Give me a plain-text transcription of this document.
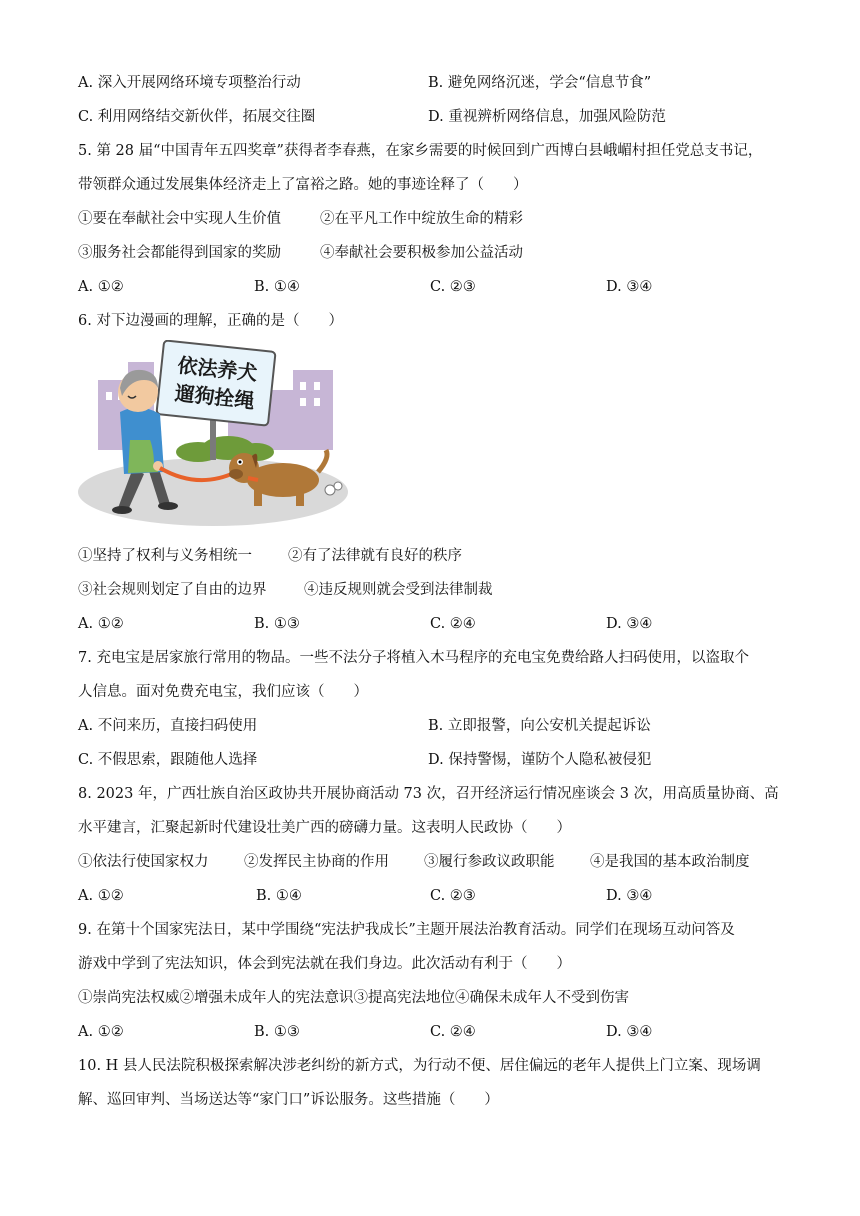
A. 深入开展网络环境专项整治行动	B. 避免网络沉迷，学会“信息节食”
C. 利用网络结交新伙伴，拓展交往圈	D. 重视辨析网络信息，加强风险防范
5. 第 28 届“中国青年五四奖章”获得者李春燕，在家乡需要的时候回到广西博白县峨嵋村担任党总支书记，
带领群众通过发展集体经济走上了富裕之路。她的事迹诠释了（　　）
①要在奉献社会中实现人生价值	②在平凡工作中绽放生命的精彩
③服务社会都能得到国家的奖励	④奉献社会要积极参加公益活动
A. ①②	B. ①④	C. ②③	D. ③④
6. 对下边漫画的理解，正确的是（　　）
依法养犬
遛狗拴绳
①坚持了权利与义务相统一 ②有了法律就有良好的秩序
③社会规则划定了自由的边界	④违反规则就会受到法律制裁
A. ①②	B. ①③	C. ②④	D. ③④
7. 充电宝是居家旅行常用的物品。一些不法分子将植入木马程序的充电宝免费给路人扫码使用，以盗取个
人信息。面对免费充电宝，我们应该（　　）
A. 不问来历，直接扫码使用	B. 立即报警，向公安机关提起诉讼
C. 不假思索，跟随他人选择	D. 保持警惕，谨防个人隐私被侵犯
8. 2023 年，广西壮族自治区政协共开展协商活动 73 次，召开经济运行情况座谈会 3 次，用高质量协商、高
水平建言，汇聚起新时代建设壮美广西的磅礴力量。这表明人民政协（　　）
①依法行使国家权力 ②发挥民主协商的作用 ③履行参政议政职能 ④是我国的基本政治制度
A. ①②	B. ①④	C. ②③	D. ③④
9. 在第十个国家宪法日，某中学围绕“宪法护我成长”主题开展法治教育活动。同学们在现场互动问答及
游戏中学到了宪法知识，体会到宪法就在我们身边。此次活动有利于（　　）
①崇尚宪法权威②增强未成年人的宪法意识③提高宪法地位④确保未成年人不受到伤害
A. ①②	B. ①③	C. ②④	D. ③④
10. H 县人民法院积极探索解决涉老纠纷的新方式，为行动不便、居住偏远的老年人提供上门立案、现场调
解、巡回审判、当场送达等“家门口”诉讼服务。这些措施（　　）
